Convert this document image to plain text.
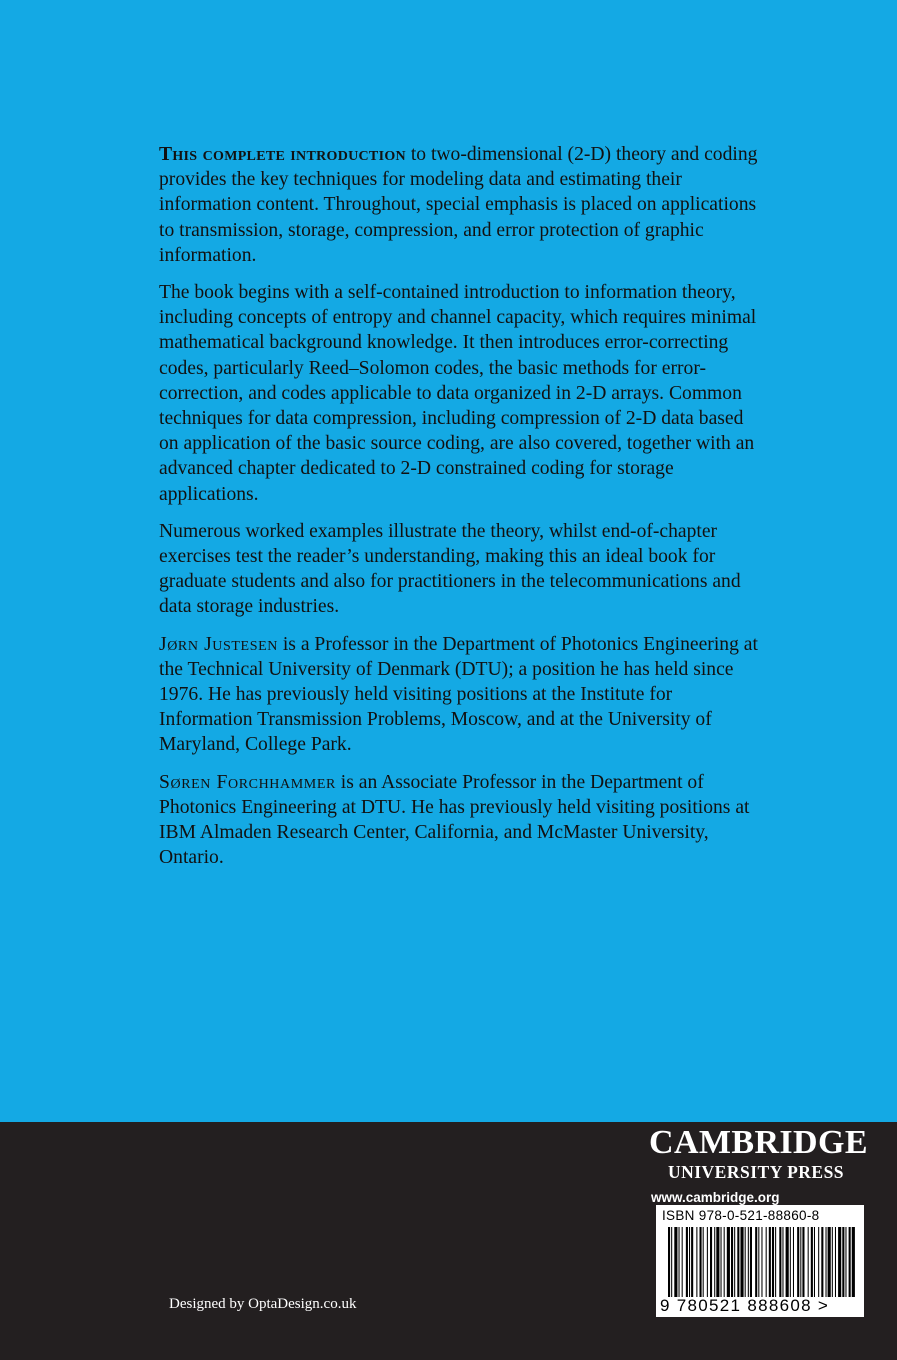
This complete introduction to two-dimensional (2-D) theory and coding provides the key techniques for modeling data and estimating their information content. Throughout, special emphasis is placed on applications to transmission, storage, compression, and error protection of graphic information.

The book begins with a self-contained introduction to information theory, including concepts of entropy and channel capacity, which requires minimal mathematical background knowledge. It then introduces error-correcting codes, particularly Reed–Solomon codes, the basic methods for error-correction, and codes applicable to data organized in 2-D arrays. Common techniques for data compression, including compression of 2-D data based on application of the basic source coding, are also covered, together with an advanced chapter dedicated to 2-D constrained coding for storage applications.

Numerous worked examples illustrate the theory, whilst end-of-chapter exercises test the reader’s understanding, making this an ideal book for graduate students and also for practitioners in the telecommunications and data storage industries.

Jørn Justesen is a Professor in the Department of Photonics Engineering at the Technical University of Denmark (DTU); a position he has held since 1976. He has previously held visiting positions at the Institute for Information Transmission Problems, Moscow, and at the University of Maryland, College Park.

Søren Forchhammer is an Associate Professor in the Department of Photonics Engineering at DTU. He has previously held visiting positions at IBM Almaden Research Center, California, and McMaster University, Ontario.

Designed by OptaDesign.co.uk
CAMBRIDGE
UNIVERSITY PRESS
www.cambridge.org
ISBN 978-0-521-88860-8
9 780521 888608 >
